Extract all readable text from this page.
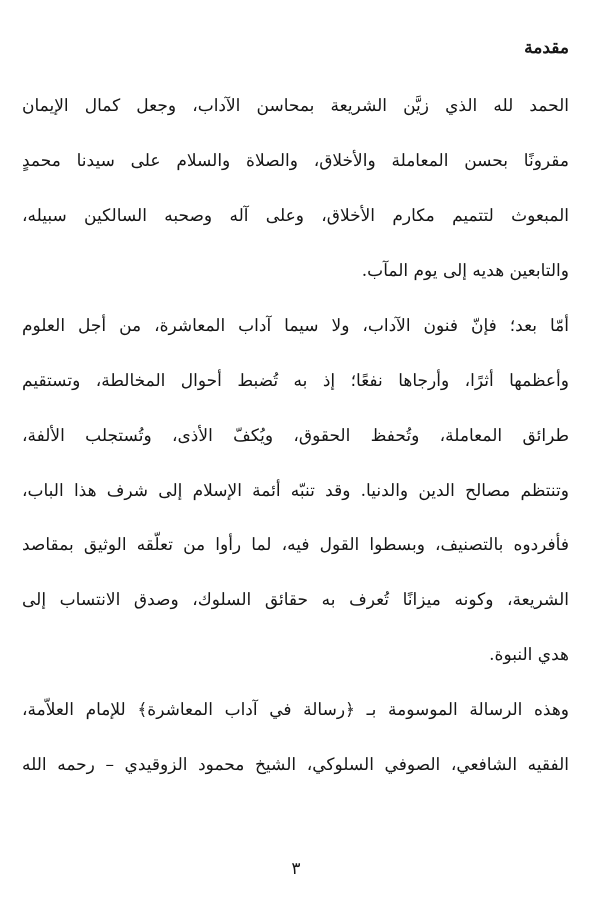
مقدمة

الحمد لله الذي زيَّن الشريعة بمحاسن الآداب، وجعل كمال الإيمان

مقرونًا بحسن المعاملة والأخلاق، والصلاة والسلام على سيدنا محمدٍ

المبعوث لتتميم مكارم الأخلاق، وعلى آله وصحبه السالكين سبيله،

والتابعين هديه إلى يوم المآب.

أمّا بعد؛ فإنّ فنون الآداب، ولا سيما آداب المعاشرة، من أجل العلوم

وأعظمها أثرًا، وأرجاها نفعًا؛ إذ به تُضبط أحوال المخالطة، وتستقيم

طرائق المعاملة، وتُحفظ الحقوق، ويُكفّ الأذى، وتُستجلب الألفة،

وتنتظم مصالح الدين والدنيا. وقد تنبّه أئمة الإسلام إلى شرف هذا الباب،

فأفردوه بالتصنيف، وبسطوا القول فيه، لما رأوا من تعلّقه الوثيق بمقاصد

الشريعة، وكونه ميزانًا تُعرف به حقائق السلوك، وصدق الانتساب إلى

هدي النبوة.

وهذه الرسالة الموسومة بـ ﴿رسالة في آداب المعاشرة﴾ للإمام العلاّمة،

الفقيه الشافعي، الصوفي السلوكي، الشيخ محمود الزوقيدي – رحمه الله

٣
